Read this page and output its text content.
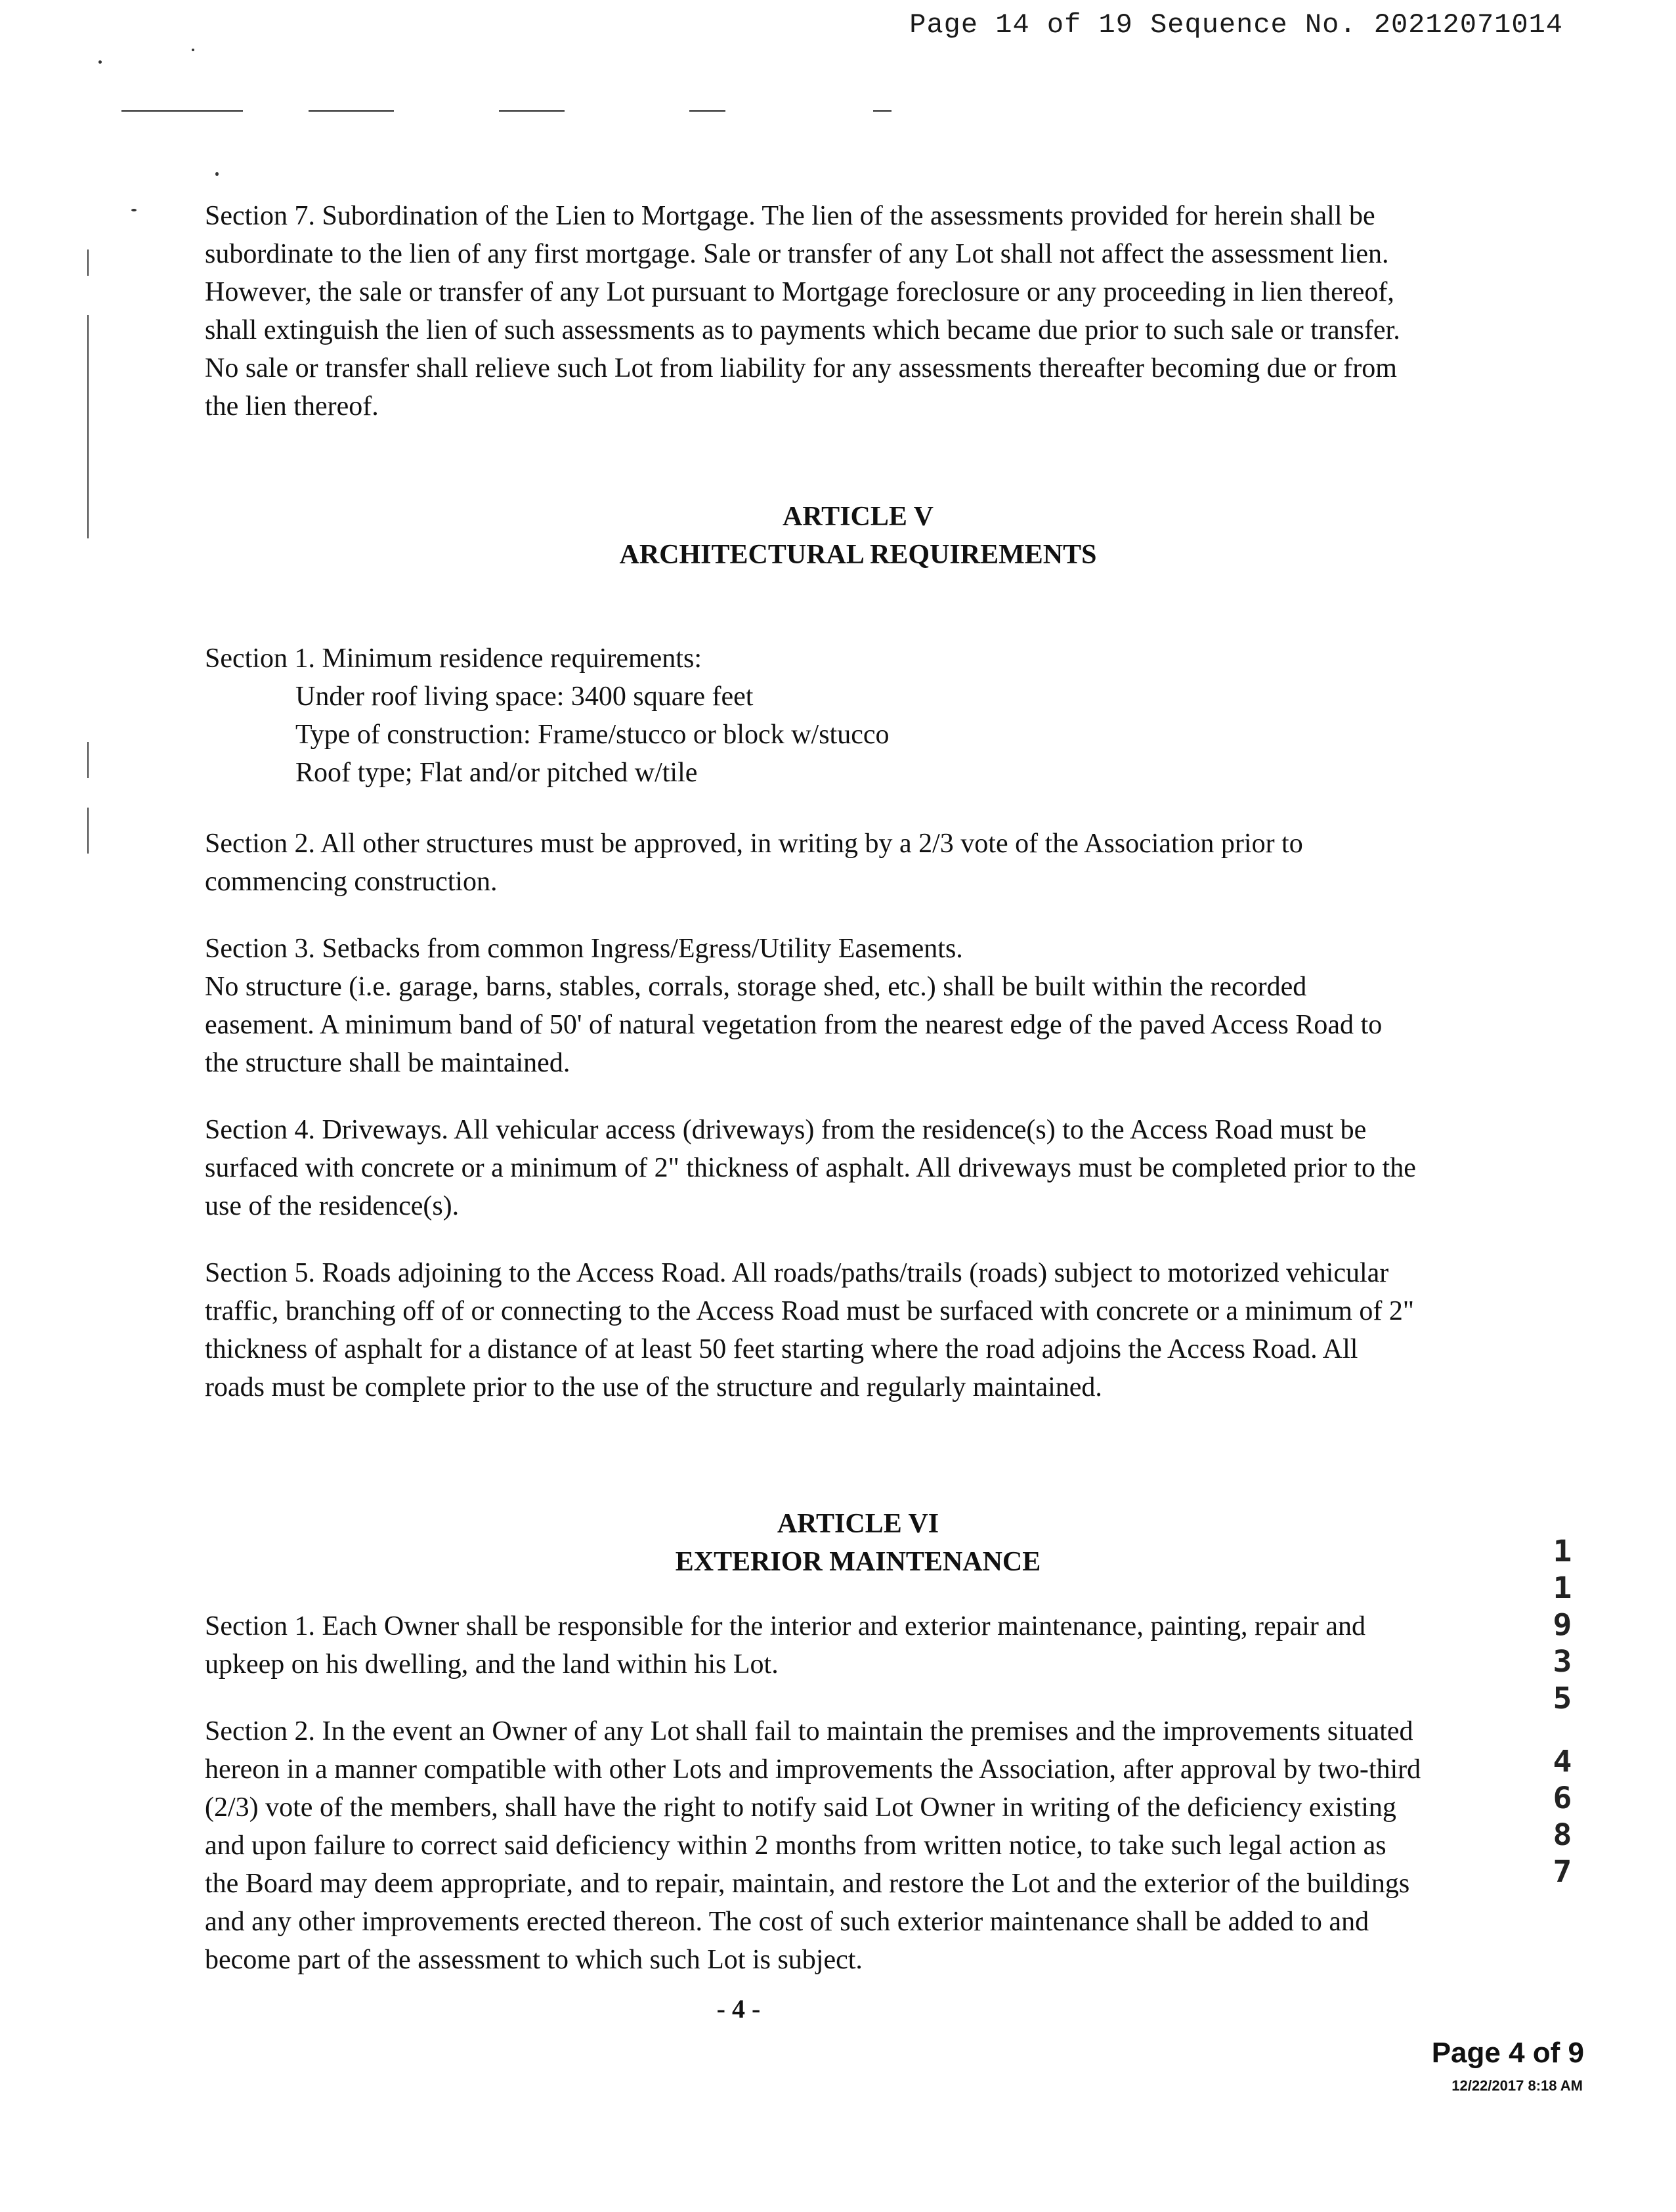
Page 14 of 19 Sequence No. 20212071014
Section 7. Subordination of the Lien to Mortgage. The lien of the assessments provided for herein shall be
subordinate to the lien of any first mortgage. Sale or transfer of any Lot shall not affect the assessment lien.
However, the sale or transfer of any Lot pursuant to Mortgage foreclosure or any proceeding in lien thereof,
shall extinguish the lien of such assessments as to payments which became due prior to such sale or transfer.
No sale or transfer shall relieve such Lot from liability for any assessments thereafter becoming due or from
the lien thereof.
ARTICLE V
ARCHITECTURAL REQUIREMENTS
Section 1. Minimum residence requirements:
Under roof living space: 3400 square feet
Type of construction: Frame/stucco or block w/stucco
Roof type; Flat and/or pitched w/tile
Section 2. All other structures must be approved, in writing by a 2/3 vote of the Association prior to
commencing construction.
Section 3. Setbacks from common Ingress/Egress/Utility Easements.
No structure (i.e. garage, barns, stables, corrals, storage shed, etc.) shall be built within the recorded
easement. A minimum band of 50' of natural vegetation from the nearest edge of the paved Access Road to
the structure shall be maintained.
Section 4. Driveways. All vehicular access (driveways) from the residence(s) to the Access Road must be
surfaced with concrete or a minimum of 2" thickness of asphalt. All driveways must be completed prior to the
use of the residence(s).
Section 5. Roads adjoining to the Access Road. All roads/paths/trails (roads) subject to motorized vehicular
traffic, branching off of or connecting to the Access Road must be surfaced with concrete or a minimum of 2"
thickness of asphalt for a distance of at least 50 feet starting where the road adjoins the Access Road. All
roads must be complete prior to the use of the structure and regularly maintained.
ARTICLE VI
EXTERIOR MAINTENANCE
Section 1. Each Owner shall be responsible for the interior and exterior maintenance, painting, repair and
upkeep on his dwelling, and the land within his Lot.
Section 2. In the event an Owner of any Lot shall fail to maintain the premises and the improvements situated
hereon in a manner compatible with other Lots and improvements the Association, after approval by two-third
(2/3) vote of the members, shall have the right to notify said Lot Owner in writing of the deficiency existing
and upon failure to correct said deficiency within 2 months from written notice, to take such legal action as
the Board may deem appropriate, and to repair, maintain, and restore the Lot and the exterior of the buildings
and any other improvements erected thereon. The cost of such exterior maintenance shall be added to and
become part of the assessment to which such Lot is subject.
1
1
9
3
5
4
6
8
7
- 4 -
Page 4 of 9
12/22/2017 8:18 AM
